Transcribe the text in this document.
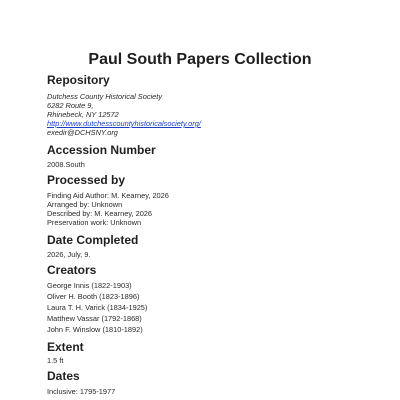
Paul South Papers Collection
Repository
Dutchess County Historical Society
6282 Route 9,
Rhinebeck, NY 12572
http://www.dutchesscountyhistoricalsociety.org/
exedir@DCHSNY.org
Accession Number
2008.South
Processed by
Finding Aid Author: M. Kearney, 2026
Arranged by: Unknown
Described by: M. Kearney, 2026
Preservation work: Unknown
Date Completed
2026, July, 9.
Creators
George Innis (1822-1903)
Oliver H. Booth (1823-1896)
Laura T. H. Varick (1834-1925)
Matthew Vassar (1792-1868)
John F. Winslow (1810-1892)
Extent
1.5 ft
Dates
Inclusive: 1795-1977
